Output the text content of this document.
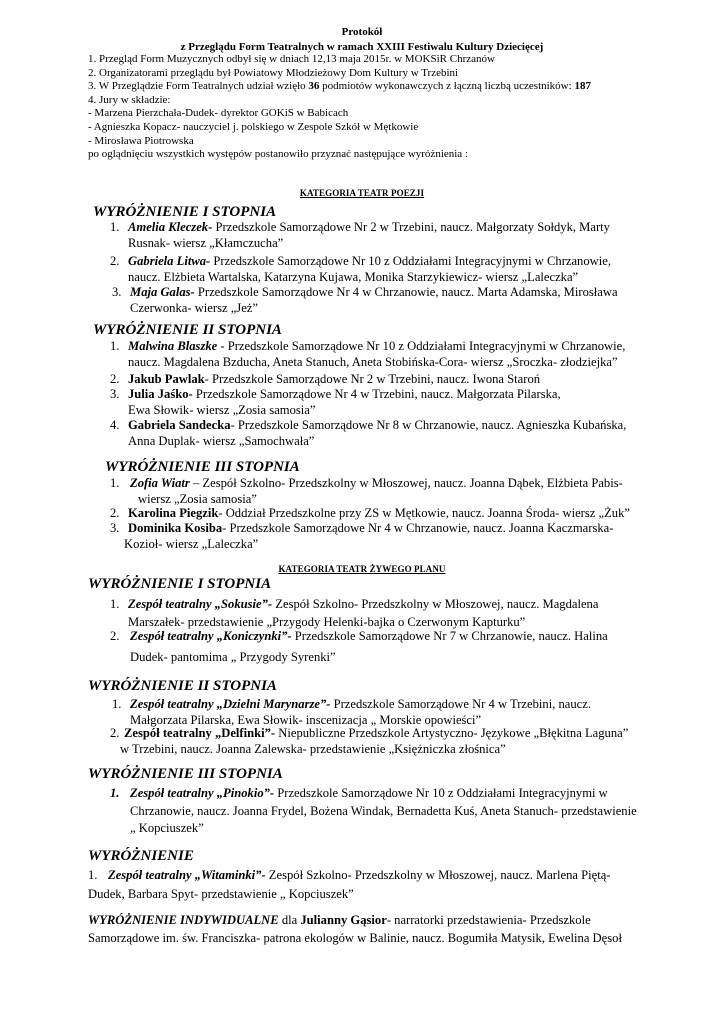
Protokół
z Przeglądu Form Teatralnych w ramach XXIII Festiwalu Kultury Dziecięcej
1. Przegląd Form Muzycznych odbył się w dniach 12,13 maja 2015r. w MOKSiR Chrzanów
2. Organizatorami przeglądu był Powiatowy Młodzieżowy Dom Kultury w Trzebini
3. W Przeglądzie Form Teatralnych udział wzięło 36 podmiotów wykonawczych z łączną liczbą uczestników: 187
4. Jury w składzie:
- Marzena Pierzchała-Dudek- dyrektor GOKiS w Babicach
- Agnieszka Kopacz- nauczyciel j. polskiego w Zespole Szkół w Mętkowie
- Mirosława Piotrowska
po oglądnięciu wszystkich występów postanowiło przyznać następujące wyróżnienia :
KATEGORIA TEATR POEZJI
WYRÓŻNIENIE I STOPNIA
1. Amelia Kleczek- Przedszkole Samorządowe Nr 2 w Trzebini, naucz. Małgorzaty Sołdyk, Marty
Rusnak- wiersz „Kłamczucha”
2. Gabriela Litwa- Przedszkole Samorządowe Nr 10 z Oddziałami Integracyjnymi w Chrzanowie,
naucz. Elżbieta Wartalska, Katarzyna Kujawa, Monika Starzykiewicz- wiersz „Laleczka”
3. Maja Galas- Przedszkole Samorządowe Nr 4 w Chrzanowie, naucz. Marta Adamska, Mirosława
Czerwonka- wiersz „Jeż”
WYRÓŻNIENIE II STOPNIA
1. Malwina Blaszke - Przedszkole Samorządowe Nr 10 z Oddziałami Integracyjnymi w Chrzanowie,
naucz. Magdalena Bzducha, Aneta Stanuch, Aneta Stobińska-Cora- wiersz „Sroczka- złodziejka”
2. Jakub Pawlak- Przedszkole Samorządowe Nr 2 w Trzebini, naucz. Iwona Staroń
3. Julia Jaśko- Przedszkole Samorządowe Nr 4 w Trzebini, naucz. Małgorzata Pilarska,
Ewa Słowik- wiersz „Zosia samosia”
4. Gabriela Sandecka- Przedszkole Samorządowe Nr 8 w Chrzanowie, naucz. Agnieszka Kubańska,
Anna Duplak- wiersz „Samochwała”
WYRÓŻNIENIE III STOPNIA
1. Zofia Wiatr – Zespół Szkolno- Przedszkolny w Młoszowej, naucz. Joanna Dąbek, Elżbieta Pabis-
wiersz „Zosia samosia”
2. Karolina Piegzik- Oddział Przedszkolne przy ZS w Mętkowie, naucz. Joanna Środa- wiersz „Żuk”
3. Dominika Kosiba- Przedszkole Samorządowe Nr 4 w Chrzanowie, naucz. Joanna Kaczmarska-
Kozioł- wiersz „Laleczka”
KATEGORIA TEATR ŻYWEGO PLANU
WYRÓŻNIENIE I STOPNIA
1. Zespół teatralny „Sokusie”- Zespół Szkolno- Przedszkolny w Młoszowej, naucz. Magdalena
Marszałek- przedstawienie „Przygody Helenki-bajka o Czerwonym Kapturku”
2. Zespół teatralny „Koniczynki”- Przedszkole Samorządowe Nr 7 w Chrzanowie, naucz. Halina
Dudek- pantomima „ Przygody Syrenki”
WYRÓŻNIENIE II STOPNIA
1. Zespół teatralny „Dzielni Marynarze”- Przedszkole Samorządowe Nr 4 w Trzebini, naucz.
Małgorzata Pilarska, Ewa Słowik- inscenizacja „ Morskie opowieści”
2. Zespół teatralny „Delfinki”- Niepubliczne Przedszkole Artystyczno- Językowe „Błękitna Laguna”
w Trzebini, naucz. Joanna Zalewska- przedstawienie „Księżniczka złośnica”
WYRÓŻNIENIE III STOPNIA
1. Zespół teatralny „Pinokio”- Przedszkole Samorządowe Nr 10 z Oddziałami Integracyjnymi w
Chrzanowie, naucz. Joanna Frydel, Bożena Windak, Bernadetta Kuś, Aneta Stanuch- przedstawienie
„ Kopciuszek”
WYRÓŻNIENIE
1. Zespół teatralny „Witaminki”- Zespół Szkolno- Przedszkolny w Młoszowej, naucz. Marlena Piętą-
Dudek, Barbara Spyt- przedstawienie „ Kopciuszek”
WYRÓŻNIENIE INDYWIDUALNE dla Julianny Gąsior- narratorki przedstawienia- Przedszkole
Samorządowe im. św. Franciszka- patrona ekologów w Balinie, naucz. Bogumiła Matysik, Ewelina Dęsoł
